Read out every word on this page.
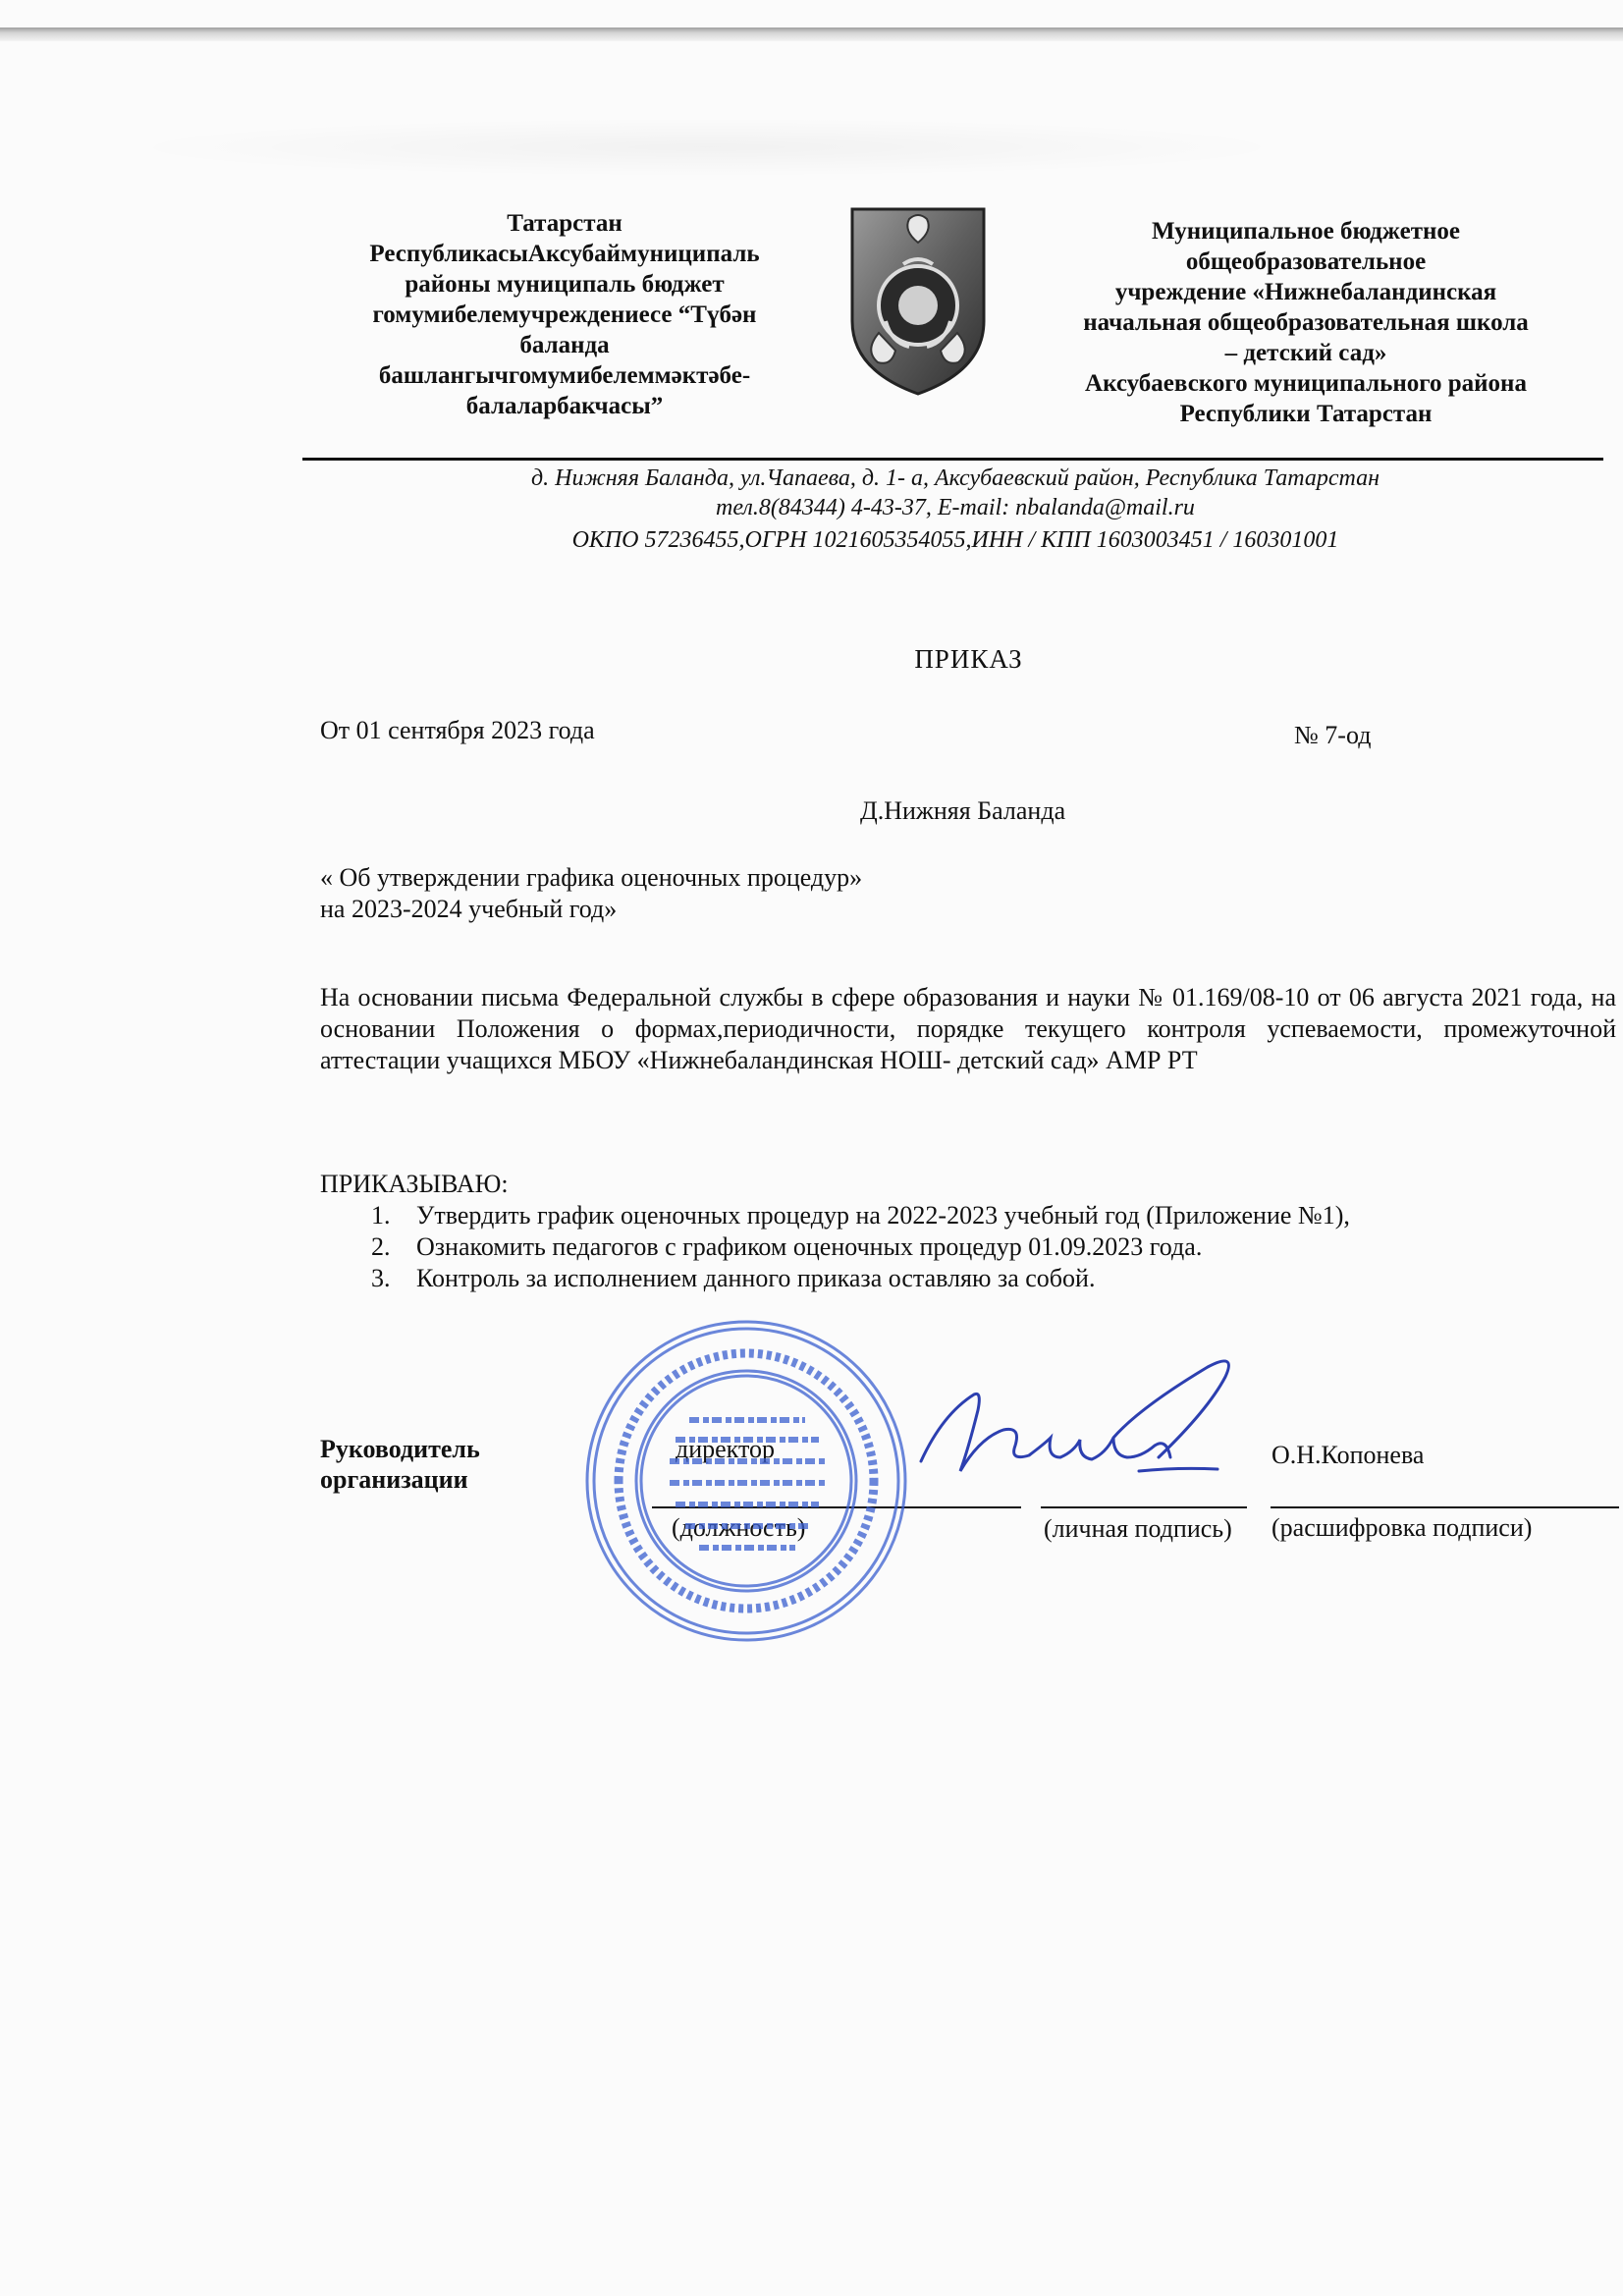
Татарстан
РеспубликасыАксубаймуниципаль
районы муниципаль бюджет
гомумибелемучреждениесе “Түбән
баланда
башлангычгомумибелеммәктәбе-
балаларбакчасы”
Муниципальное бюджетное
общеобразовательное
учреждение «Нижнебаландинская
начальная общеобразовательная школа
– детский сад»
Аксубаевского муниципального района
Республики Татарстан
д. Нижняя Баланда, ул.Чапаева, д. 1- а, Аксубаевский район, Республика Татарстан
тел.8(84344) 4-43-37, E-mail: nbalanda@mail.ru
ОКПО 57236455,ОГРН 1021605354055,ИНН / КПП 1603003451 / 160301001
ПРИКАЗ
От 01 сентября 2023 года	№ 7-од
Д.Нижняя Баланда
« Об утверждении графика оценочных процедур»
на 2023-2024 учебный год»
На основании письма Федеральной службы в сфере образования и науки № 01.169/08-10 от 06 августа 2021 года, на основании Положения о формах,периодичности, порядке текущего контроля успеваемости, промежуточной аттестации учащихся МБОУ «Нижнебаландинская НОШ- детский сад» АМР РТ
ПРИКАЗЫВАЮ:
1. Утвердить график оценочных процедур на 2022-2023 учебный год (Приложение №1),
2. Ознакомить педагогов с графиком оценочных процедур 01.09.2023 года.
3. Контроль за исполнением данного приказа оставляю за собой.
Руководитель
организации
директор
(должность)	(личная подпись)	(расшифровка подписи)
О.Н.Копонева
